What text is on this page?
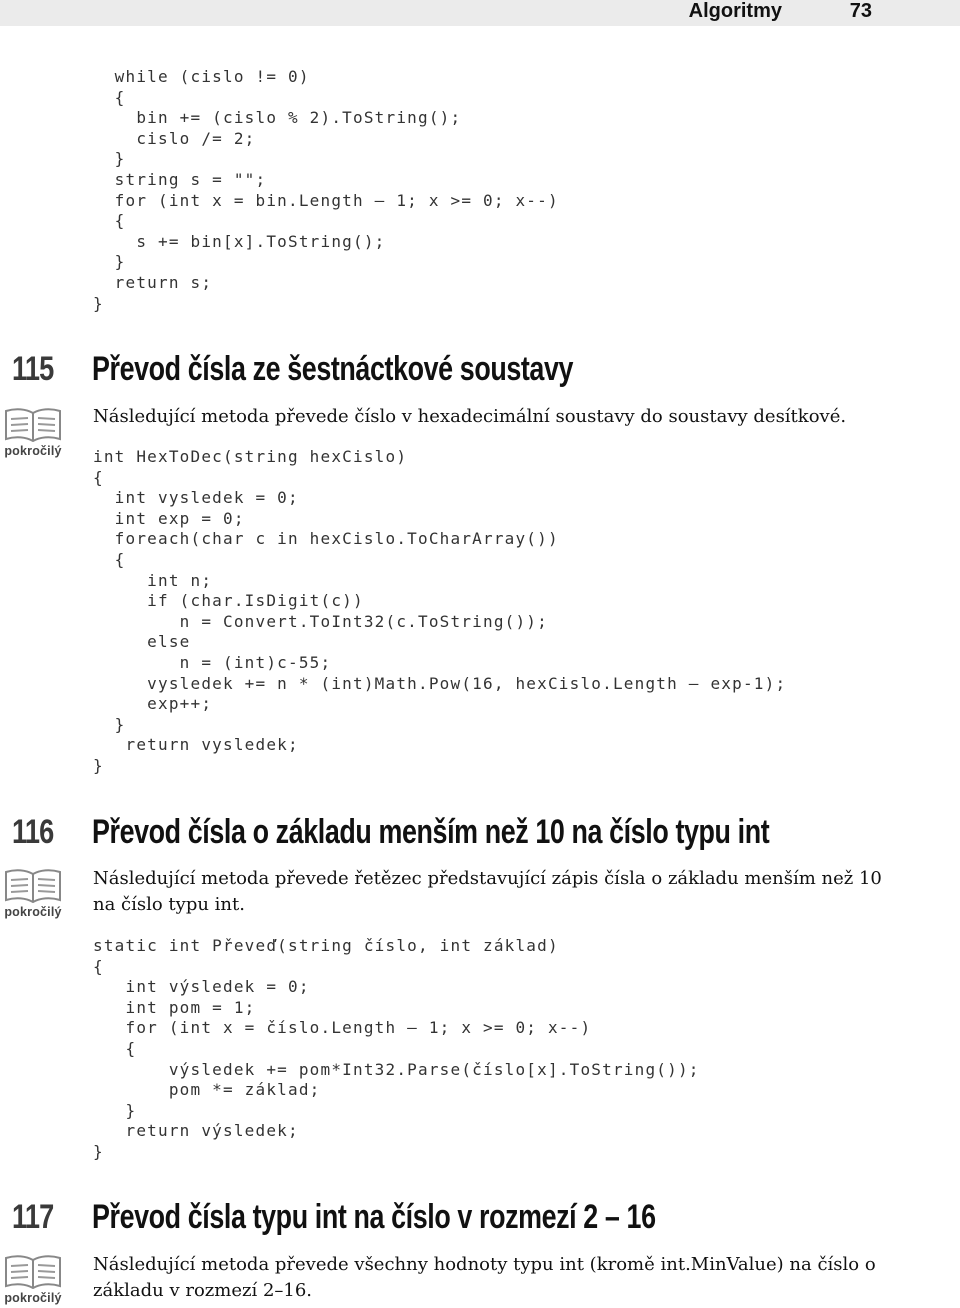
Algoritmy	73
while (cislo != 0)
{
bin += (cislo % 2).ToString();
cislo /= 2;
}
string s = "";
for (int x = bin.Length – 1; x >= 0; x--)
{
s += bin[x].ToString();
}
return s;
}
115 Převod čísla ze šestnáctkové soustavy
pokročilý
Následující metoda převede číslo v hexadecimální soustavy do soustavy desítkové.
int HexToDec(string hexCislo)
{
int vysledek = 0;
int exp = 0;
foreach(char c in hexCislo.ToCharArray())
{
int n;
if (char.IsDigit(c))
n = Convert.ToInt32(c.ToString());
else
n = (int)c-55;
vysledek += n * (int)Math.Pow(16, hexCislo.Length – exp-1);
exp++;
}
return vysledek;
}
116 Převod čísla o základu menším než 10 na číslo typu int
pokročilý
Následující metoda převede řetězec představující zápis čísla o základu menším než 10 na číslo typu int.
static int Převeď(string číslo, int základ)
{
int výsledek = 0;
int pom = 1;
for (int x = číslo.Length – 1; x >= 0; x--)
{
výsledek += pom*Int32.Parse(číslo[x].ToString());
pom *= základ;
}
return výsledek;
}
117 Převod čísla typu int na číslo v rozmezí 2 – 16
pokročilý
Následující metoda převede všechny hodnoty typu int (kromě int.MinValue) na číslo o základu v rozmezí 2–16.
